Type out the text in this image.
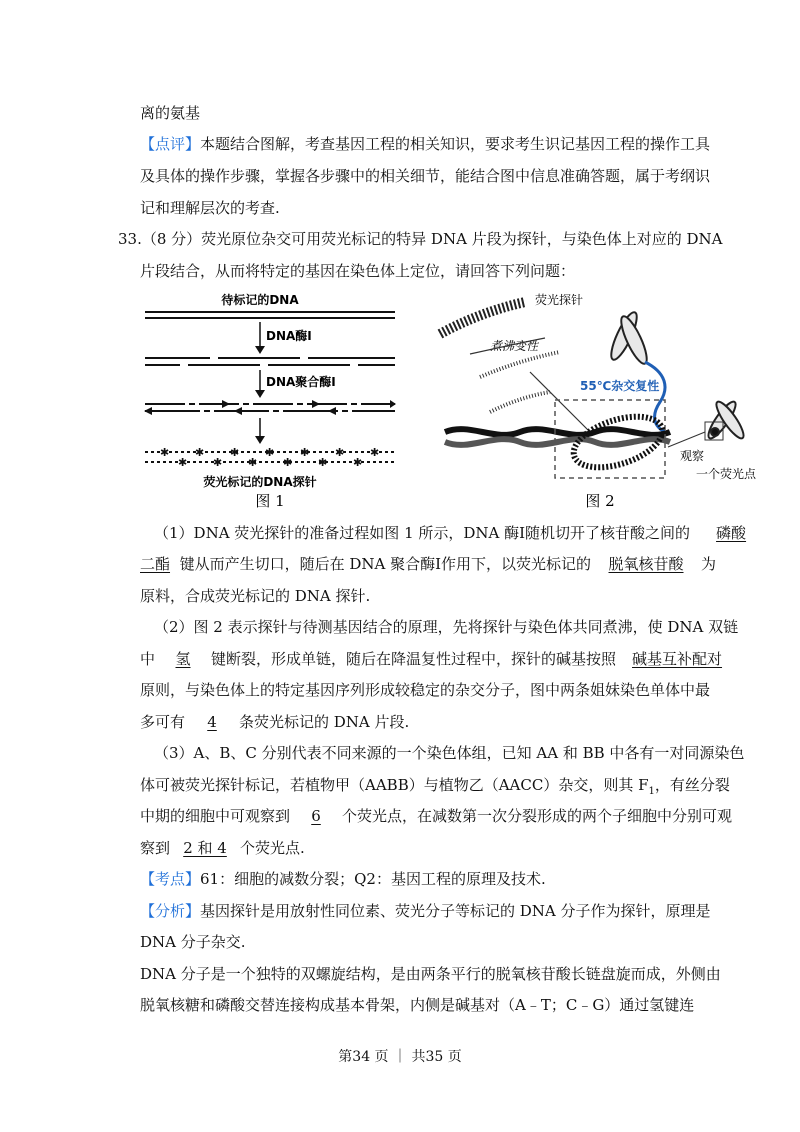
离的氨基
【点评】本题结合图解，考查基因工程的相关知识，要求考生识记基因工程的操作工具
及具体的操作步骤，掌握各步骤中的相关细节，能结合图中信息准确答题，属于考纲识
记和理解层次的考查.
33.（8 分）荧光原位杂交可用荧光标记的特异 DNA 片段为探针，与染色体上对应的 DNA
片段结合，从而将特定的基因在染色体上定位，请回答下列问题：
待标记的DNA
DNA酶Ⅰ
DNA聚合酶Ⅰ
✱ ✱ ✱ ✱ ✱ ✱ ✱
✱ ✱ ✱ ✱ ✱ ✱
荧光标记的DNA探针
图 1
荧光探针
煮沸变性
55℃杂交复性
观察
一个荧光点
图 2
（1）DNA 荧光探针的准备过程如图 1 所示，DNA 酶Ⅰ随机切开了核苷酸之间的 磷酸
二酯 键从而产生切口，随后在 DNA 聚合酶Ⅰ作用下，以荧光标记的 脱氧核苷酸 为
原料，合成荧光标记的 DNA 探针.
（2）图 2 表示探针与待测基因结合的原理，先将探针与染色体共同煮沸，使 DNA 双链
中 氢 键断裂，形成单链，随后在降温复性过程中，探针的碱基按照 碱基互补配对
原则，与染色体上的特定基因序列形成较稳定的杂交分子，图中两条姐妹染色单体中最
多可有 4 条荧光标记的 DNA 片段.
（3）A、B、C 分别代表不同来源的一个染色体组，已知 AA 和 BB 中各有一对同源染色
体可被荧光探针标记，若植物甲（AABB）与植物乙（AACC）杂交，则其 $F_1$，有丝分裂
中期的细胞中可观察到 6 个荧光点，在减数第一次分裂形成的两个子细胞中分别可观
察到 2 和 4 个荧光点.
【考点】61：细胞的减数分裂；Q2：基因工程的原理及技术.
【分析】基因探针是用放射性同位素、荧光分子等标记的 DNA 分子作为探针，原理是
DNA 分子杂交.
DNA 分子是一个独特的双螺旋结构，是由两条平行的脱氧核苷酸长链盘旋而成，外侧由
脱氧核糖和磷酸交替连接构成基本骨架，内侧是碱基对（A﹣T；C﹣G）通过氢键连
第34 页 ｜ 共35 页
